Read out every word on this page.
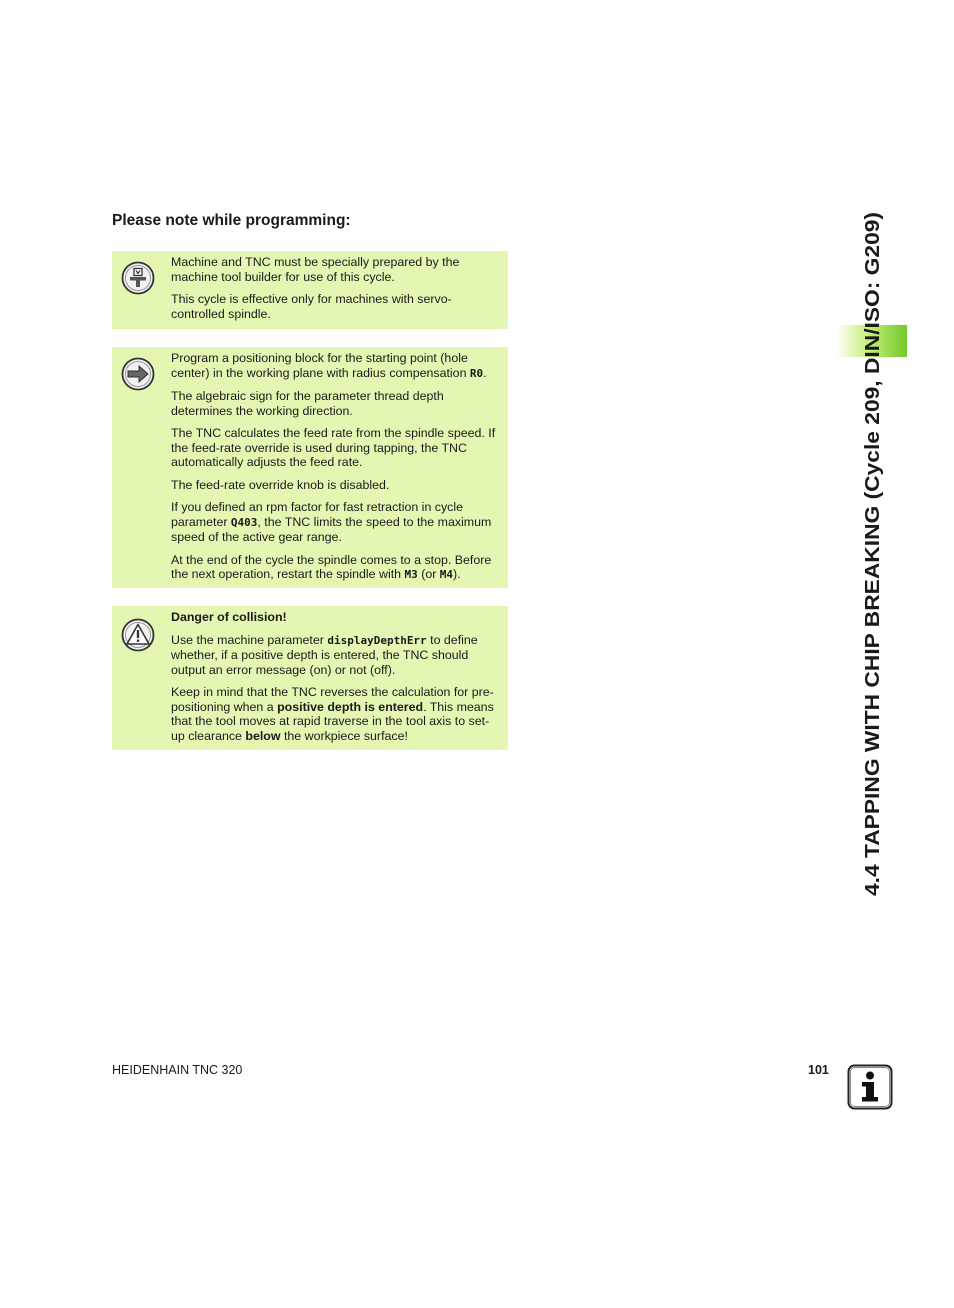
Please note while programming:

Machine and TNC must be specially prepared by the machine tool builder for use of this cycle.

This cycle is effective only for machines with servo-controlled spindle.

Program a positioning block for the starting point (hole center) in the working plane with radius compensation R0.

The algebraic sign for the parameter thread depth determines the working direction.

The TNC calculates the feed rate from the spindle speed. If the feed-rate override is used during tapping, the TNC automatically adjusts the feed rate.

The feed-rate override knob is disabled.

If you defined an rpm factor for fast retraction in cycle parameter Q403, the TNC limits the speed to the maximum speed of the active gear range.

At the end of the cycle the spindle comes to a stop. Before the next operation, restart the spindle with M3 (or M4).

Danger of collision!

Use the machine parameter displayDepthErr to define whether, if a positive depth is entered, the TNC should output an error message (on) or not (off).

Keep in mind that the TNC reverses the calculation for pre-positioning when a positive depth is entered. This means that the tool moves at rapid traverse in the tool axis to set-up clearance below the workpiece surface!	4.4 TAPPING WITH CHIP BREAKING (Cycle 209, DIN/ISO: G209)
HEIDENHAIN TNC 320	101
